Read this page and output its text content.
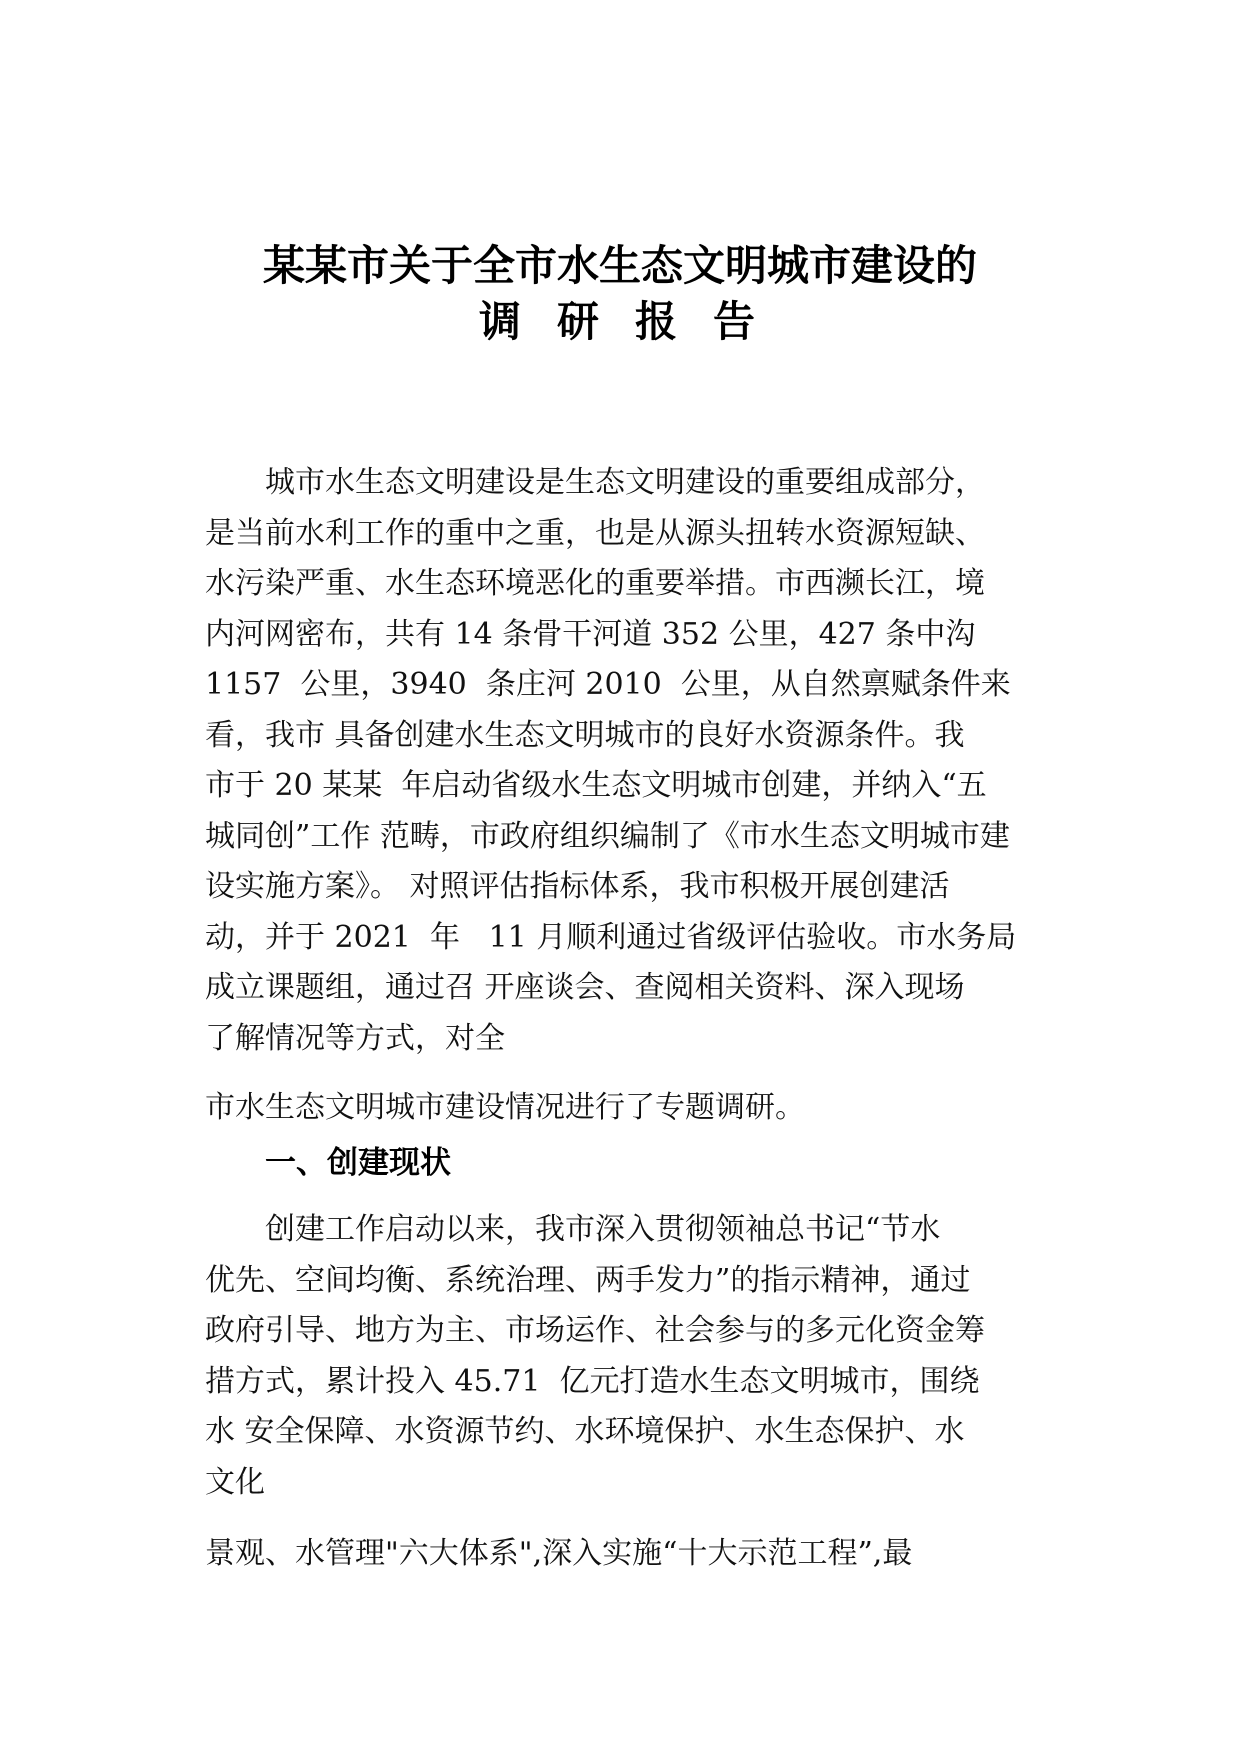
某某市关于全市水生态文明城市建设的
调研报告
城市水生态文明建设是生态文明建设的重要组成部分，
是当前水利工作的重中之重，也是从源头扭转水资源短缺、
水污染严重、水生态环境恶化的重要举措。市西濒长江，境
内河网密布，共有 14 条骨干河道 352 公里，427 条中沟
1157  公里，3940  条庄河 2010  公里，从自然禀赋条件来
看，我市 具备创建水生态文明城市的良好水资源条件。我
市于 20 某某  年启动省级水生态文明城市创建，并纳入“五
城同创”工作 范畴，市政府组织编制了《市水生态文明城市建
设实施方案》。 对照评估指标体系，我市积极开展创建活
动，并于 2021  年   11 月顺利通过省级评估验收。市水务局
成立课题组，通过召 开座谈会、查阅相关资料、深入现场
了解情况等方式，对全
市水生态文明城市建设情况进行了专题调研。
一、创建现状
创建工作启动以来，我市深入贯彻领袖总书记“节水
优先、空间均衡、系统治理、两手发力”的指示精神，通过
政府引导、地方为主、市场运作、社会参与的多元化资金筹
措方式，累计投入 45.71  亿元打造水生态文明城市，围绕
水 安全保障、水资源节约、水环境保护、水生态保护、水
文化
景观、水管理"六大体系",深入实施“十大示范工程”,最
